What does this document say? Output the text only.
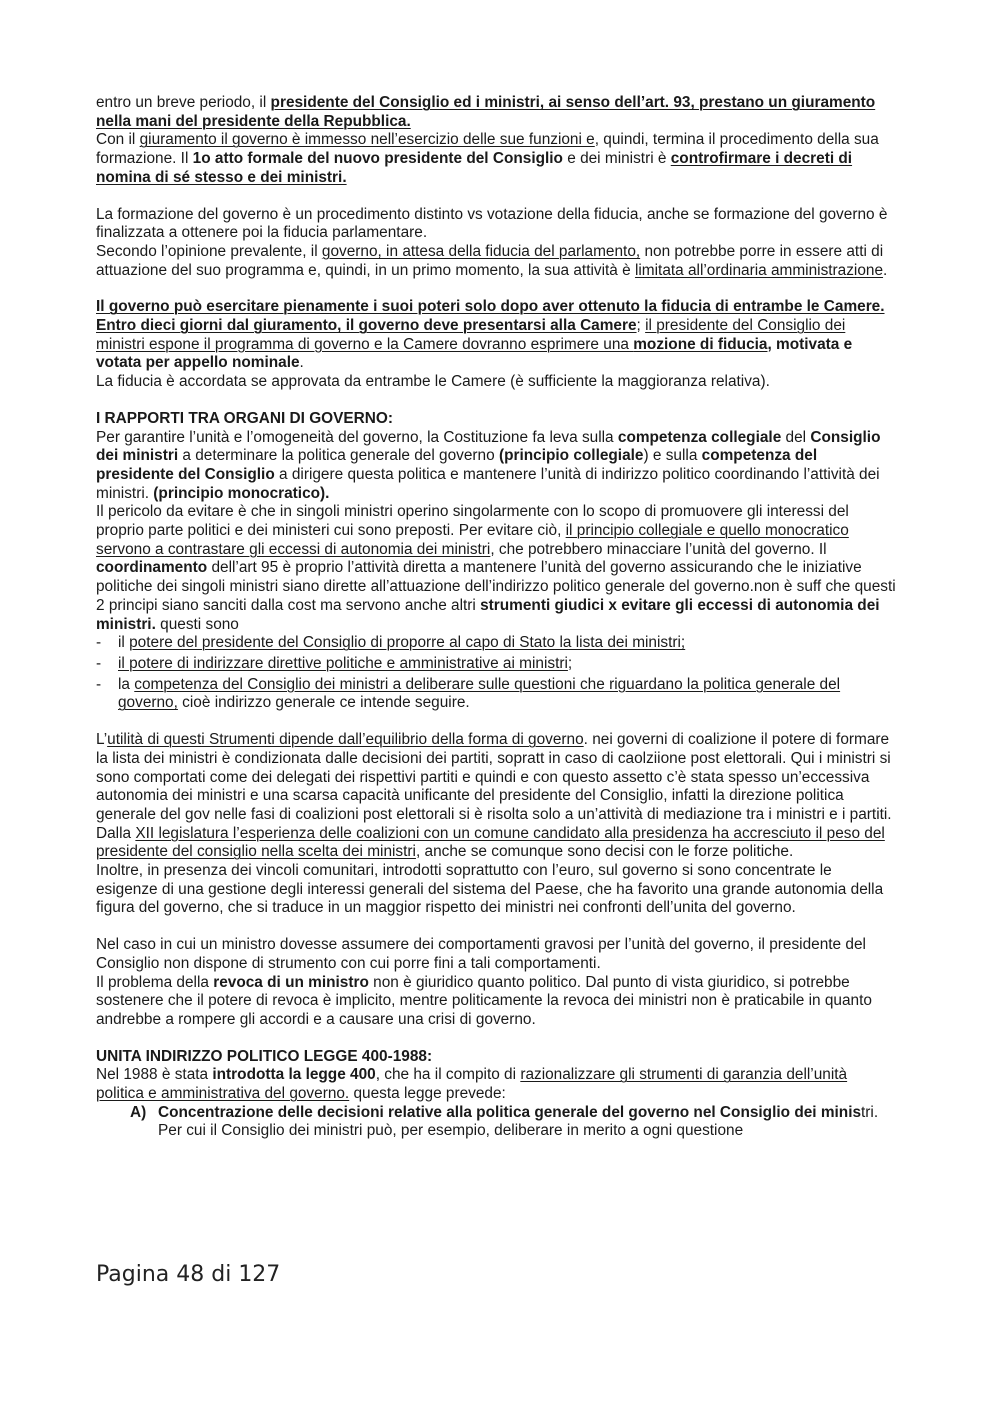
entro un breve periodo, il presidente del Consiglio ed i ministri, ai senso dell’art. 93, prestano un giuramento nella mani del presidente della Repubblica.

Con il giuramento il governo è immesso nell’esercizio delle sue funzioni e, quindi, termina il procedimento della sua formazione. Il 1o atto formale del nuovo presidente del Consiglio e dei ministri è controfirmare i decreti di nomina di sé stesso e dei ministri.

La formazione del governo è un procedimento distinto vs votazione della fiducia, anche se formazione del governo è finalizzata a ottenere poi la fiducia parlamentare.

Secondo l’opinione prevalente, il governo, in attesa della fiducia del parlamento, non potrebbe porre in essere atti di attuazione del suo programma e, quindi, in un primo momento, la sua attività è limitata all’ordinaria amministrazione.

Il governo può esercitare pienamente i suoi poteri solo dopo aver ottenuto la fiducia di entrambe le Camere. Entro dieci giorni dal giuramento, il governo deve presentarsi alla Camere; il presidente del Consiglio dei ministri espone il programma di governo e la Camere dovranno esprimere una mozione di fiducia, motivata e votata per appello nominale.

La fiducia è accordata se approvata da entrambe le Camere (è sufficiente la maggioranza relativa).

I RAPPORTI TRA ORGANI DI GOVERNO:

Per garantire l’unità e l’omogeneità del governo, la Costituzione fa leva sulla competenza collegiale del Consiglio dei ministri a determinare la politica generale del governo (principio collegiale) e sulla competenza del presidente del Consiglio a dirigere questa politica e mantenere l’unità di indirizzo politico coordinando l’attività dei ministri. (principio monocratico).

Il pericolo da evitare è che in singoli ministri operino singolarmente con lo scopo di promuovere gli interessi del proprio parte politici e dei ministeri cui sono preposti. Per evitare ciò, il principio collegiale e quello monocratico servono a contrastare gli eccessi di autonomia dei ministri, che potrebbero minacciare l’unità del governo. Il coordinamento dell’art 95 è proprio l’attività diretta a mantenere l’unità del governo assicurando che le iniziative politiche dei singoli ministri siano dirette all’attuazione dell’indirizzo politico generale del governo.non è suff che questi 2 principi siano sanciti dalla cost ma servono anche altri strumenti giudici x evitare gli eccessi di autonomia dei ministri. questi sono

-	il potere del presidente del Consiglio di proporre al capo di Stato la lista dei ministri;
-	il potere di indirizzare direttive politiche e amministrative ai ministri;
-	la competenza del Consiglio dei ministri a deliberare sulle questioni che riguardano la politica generale del governo, cioè indirizzo generale ce intende seguire.

L’utilità di questi Strumenti dipende dall’equilibrio della forma di governo. nei governi di coalizione il potere di formare la lista dei ministri è condizionata dalle decisioni dei partiti, sopratt in caso di caolziione post elettorali. Qui i ministri si sono comportati come dei delegati dei rispettivi partiti e quindi e con questo assetto c’è stata spesso un’eccessiva autonomia dei ministri e una scarsa capacità unificante del presidente del Consiglio, infatti la direzione politica generale del gov nelle fasi di coalizioni post elettorali si è risolta solo a un’attività di mediazione tra i ministri e i partiti.

Dalla XII legislatura l’esperienza delle coalizioni con un comune candidato alla presidenza ha accresciuto il peso del presidente del consiglio nella scelta dei ministri, anche se comunque sono decisi con le forze politiche.

Inoltre, in presenza dei vincoli comunitari, introdotti soprattutto con l’euro, sul governo si sono concentrate le esigenze di una gestione degli interessi generali del sistema del Paese, che ha favorito una grande autonomia della figura del governo, che si traduce in un maggior rispetto dei ministri nei confronti dell’unita del governo.

Nel caso in cui un ministro dovesse assumere dei comportamenti gravosi per l’unità del governo, il presidente del Consiglio non dispone di strumento con cui porre fini a tali comportamenti.

Il problema della revoca di un ministro non è giuridico quanto politico. Dal punto di vista giuridico, si potrebbe sostenere che il potere di revoca è implicito, mentre politicamente la revoca dei ministri non è praticabile in quanto andrebbe a rompere gli accordi e a causare una crisi di governo.

UNITA INDIRIZZO POLITICO LEGGE 400-1988:

Nel 1988 è stata introdotta la legge 400, che ha il compito di razionalizzare gli strumenti di garanzia dell’unità politica e amministrativa del governo. questa legge prevede:

A) Concentrazione delle decisioni relative alla politica generale del governo nel Consiglio dei ministri. Per cui il Consiglio dei ministri può, per esempio, deliberare in merito a ogni questione
Pagina 48 di 127
